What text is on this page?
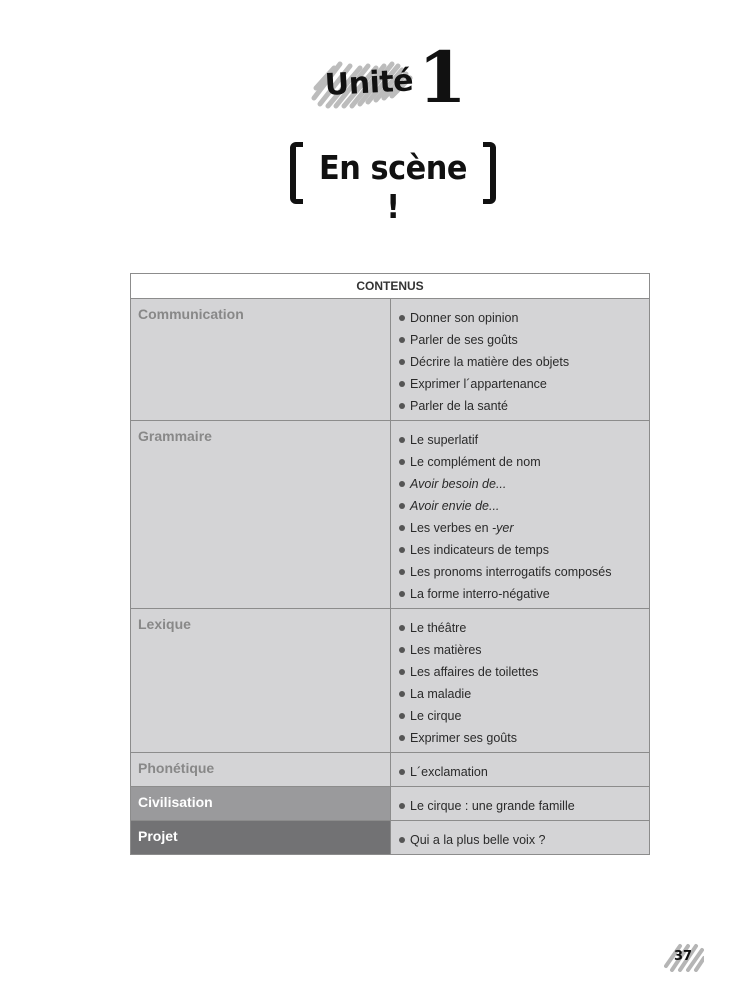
Unité 1
En scène !
CONTENUS
Communication	Donner son opinion
Parler de ses goûts
Décrire la matière des objets
Exprimer l´appartenance
Parler de la santé
Grammaire	Le superlatif
Le complément de nom
Avoir besoin de...
Avoir envie de...
Les verbes en -yer
Les indicateurs de temps
Les pronoms interrogatifs composés
La forme interro-négative
Lexique	Le théâtre
Les matières
Les affaires de toilettes
La maladie
Le cirque
Exprimer ses goûts
Phonétique	L´exclamation
Civilisation	Le cirque : une grande famille
Projet	Qui a la plus belle voix ?
37
